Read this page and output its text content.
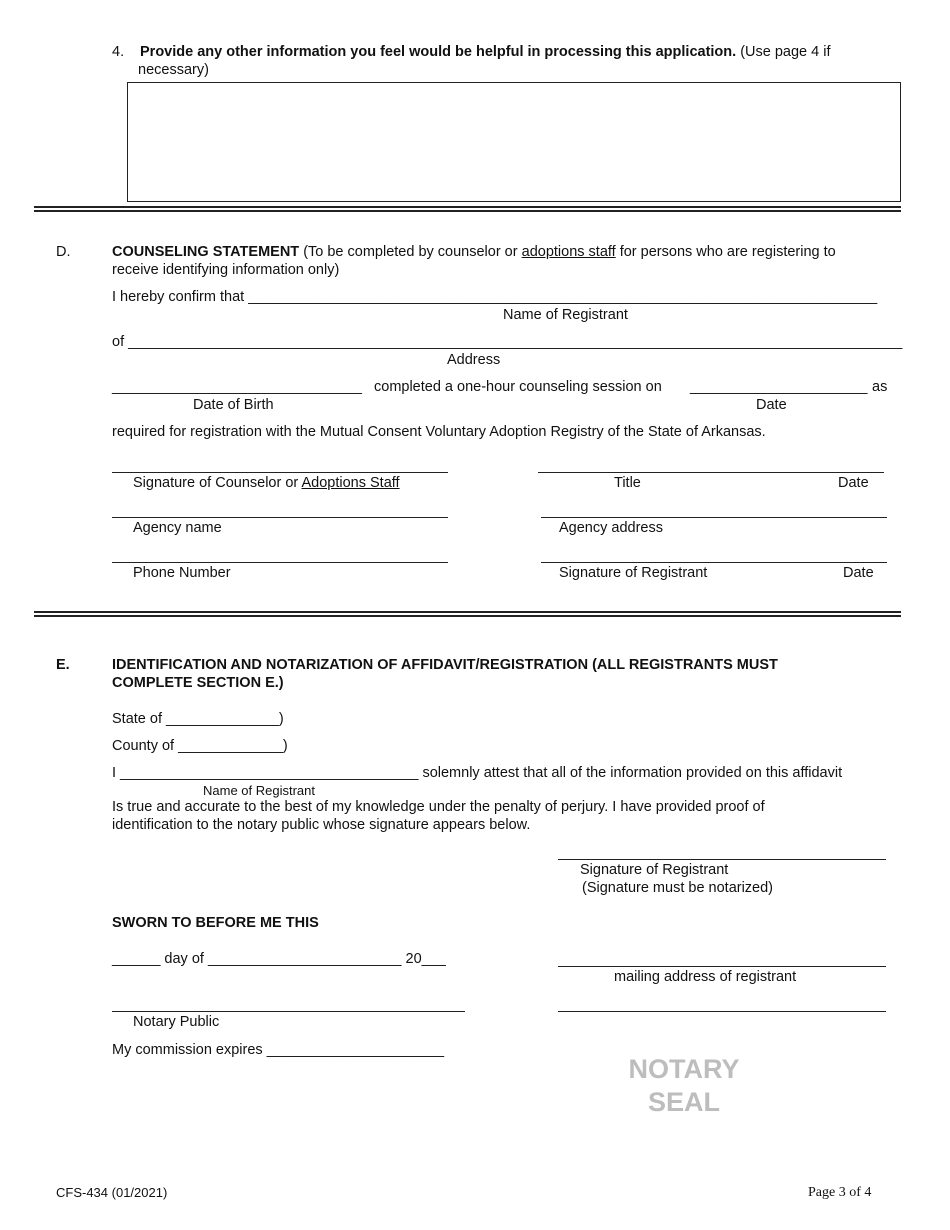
4. Provide any other information you feel would be helpful in processing this application. (Use page 4 if
necessary)
D.	COUNSELING STATEMENT (To be completed by counselor or adoptions staff for persons who are registering to
receive identifying information only)
I hereby confirm that ______________________________________________________________________________
Name of Registrant
of ________________________________________________________________________________________________
Address
_______________________________ completed a one-hour counseling session on ______________________ as
Date of Birth	Date
required for registration with the Mutual Consent Voluntary Adoption Registry of the State of Arkansas.
Signature of Counselor or Adoptions Staff	Title	Date
Agency name	Agency address
Phone Number	Signature of Registrant	Date
E.	IDENTIFICATION AND NOTARIZATION OF AFFIDAVIT/REGISTRATION (ALL REGISTRANTS MUST
COMPLETE SECTION E.)
State of ______________)
County of _____________)
I _____________________________________ solemnly attest that all of the information provided on this affidavit
Name of Registrant
Is true and accurate to the best of my knowledge under the penalty of perjury. I have provided proof of
identification to the notary public whose signature appears below.
Signature of Registrant
(Signature must be notarized)
SWORN TO BEFORE ME THIS
______ day of ________________________ 20___
mailing address of registrant
Notary Public
My commission expires ______________________
NOTARY
SEAL
CFS-434 (01/2021)	Page 3 of 4
